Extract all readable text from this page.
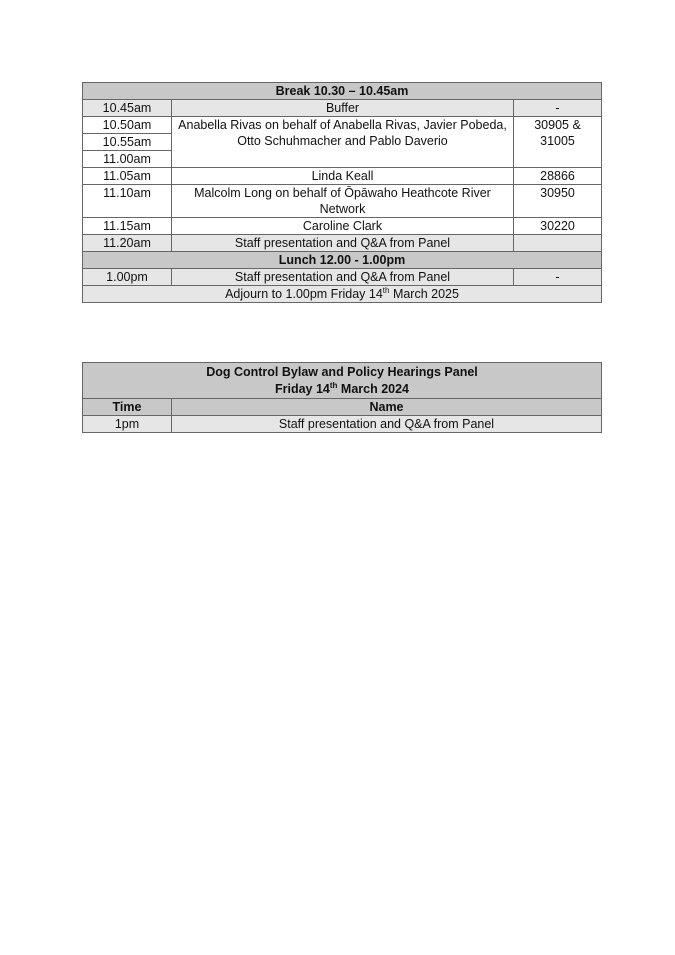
Break 10.30 – 10.45am		
10.45am	Buffer	-
10.50am	Anabella Rivas on behalf of Anabella Rivas, Javier Pobeda, Otto Schuhmacher and Pablo Daverio	30905 & 31005
10.55am		
11.00am		
11.05am	Linda Keall	28866
11.10am	Malcolm Long on behalf of Ōpāwaho Heathcote River Network	30950
11.15am	Caroline Clark	30220
11.20am	Staff presentation and Q&A from Panel	
Lunch 12.00 - 1.00pm		
1.00pm	Staff presentation and Q&A from Panel	-
Adjourn to 1.00pm Friday 14th March 2025		
Dog Control Bylaw and Policy Hearings Panel
Friday 14th March 2024	

Time	Name
1pm	Staff presentation and Q&A from Panel
